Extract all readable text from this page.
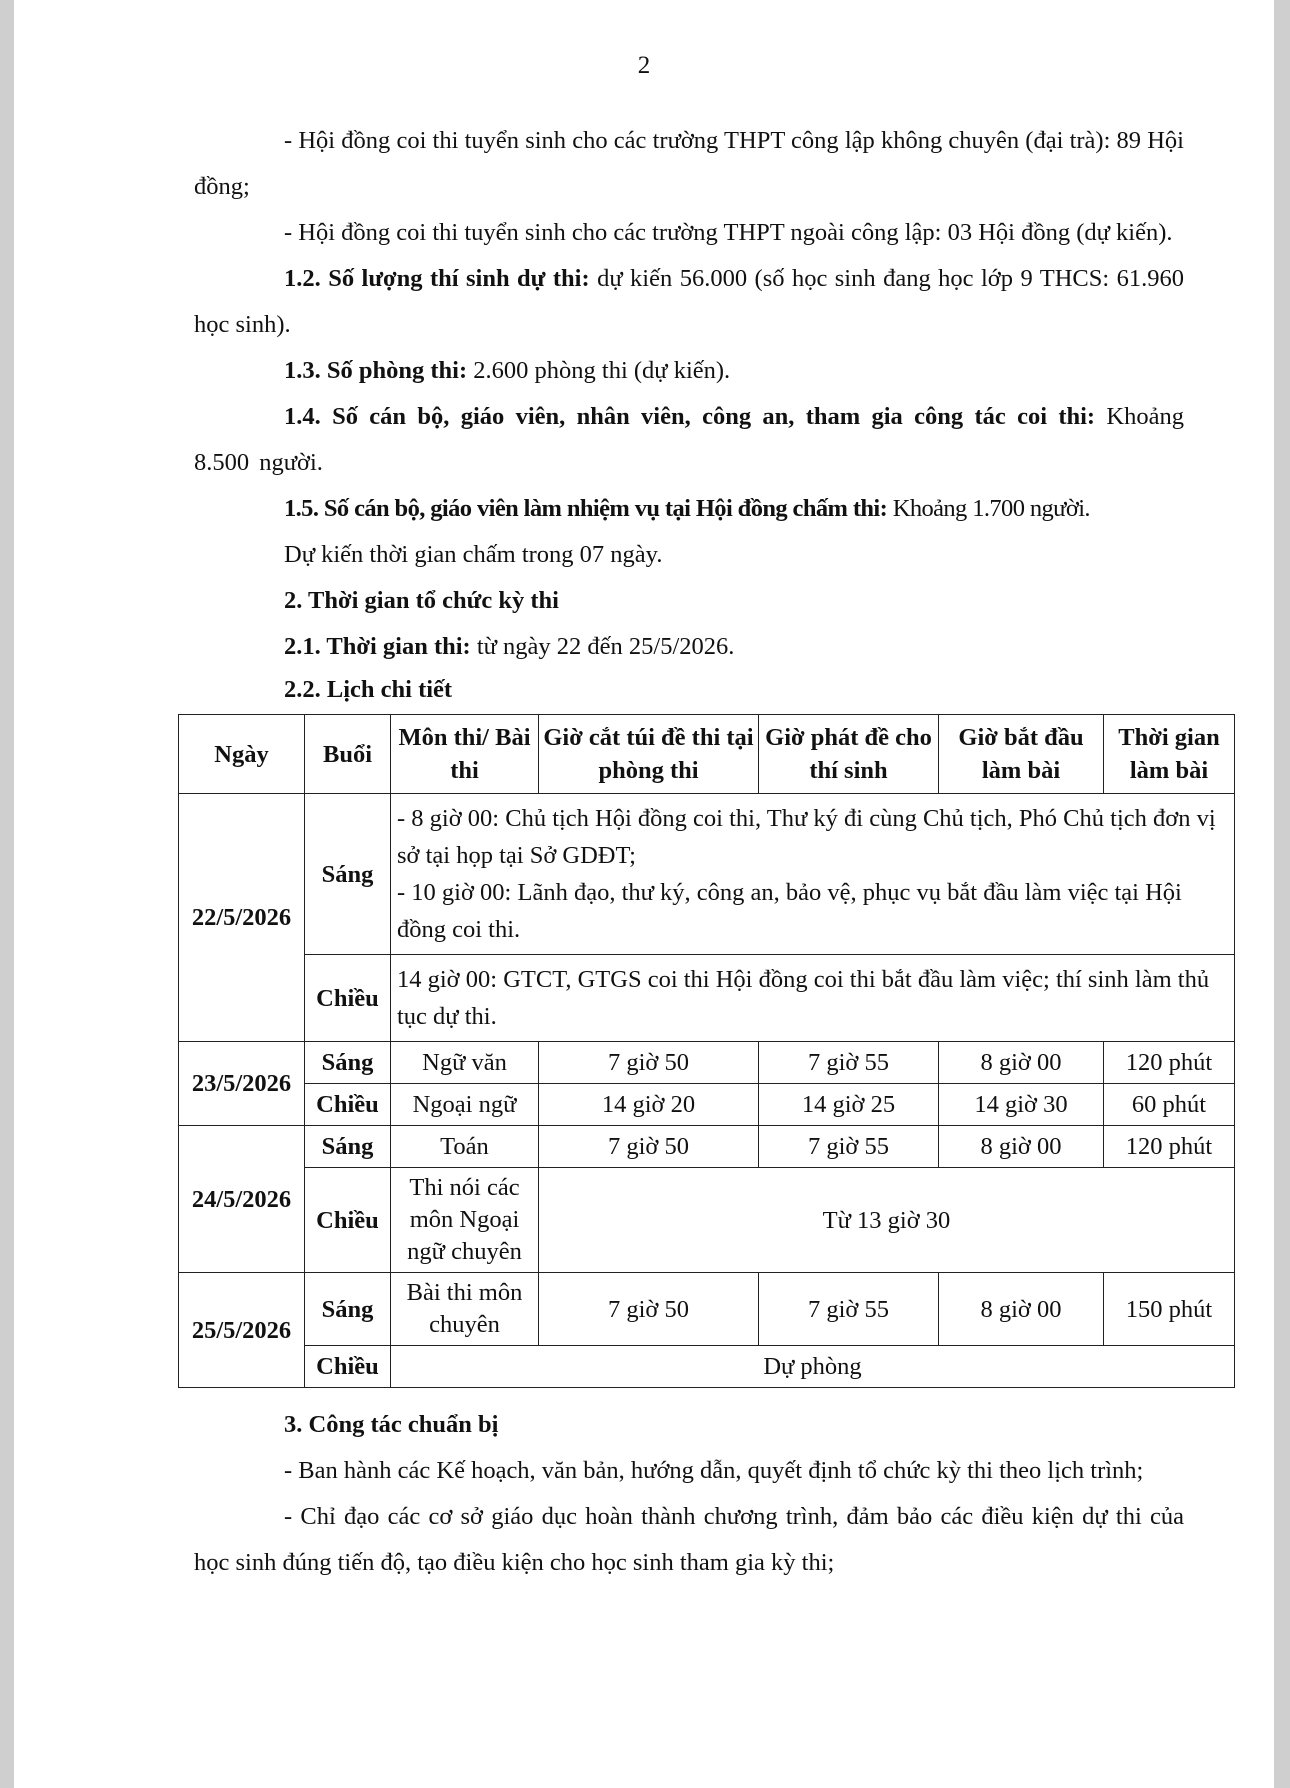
2

- Hội đồng coi thi tuyển sinh cho các trường THPT công lập không chuyên (đại trà): 89 Hội đồng;

- Hội đồng coi thi tuyển sinh cho các trường THPT ngoài công lập: 03 Hội đồng (dự kiến).

1.2. Số lượng thí sinh dự thi: dự kiến 56.000 (số học sinh đang học lớp 9 THCS: 61.960 học sinh).

1.3. Số phòng thi: 2.600 phòng thi (dự kiến).

1.4. Số cán bộ, giáo viên, nhân viên, công an, tham gia công tác coi thi: Khoảng 8.500 người.

1.5. Số cán bộ, giáo viên làm nhiệm vụ tại Hội đồng chấm thi: Khoảng 1.700 người.

Dự kiến thời gian chấm trong 07 ngày.

2. Thời gian tổ chức kỳ thi

2.1. Thời gian thi: từ ngày 22 đến 25/5/2026.

2.2. Lịch chi tiết

Ngày	Buổi	Môn thi/ Bài thi	Giờ cắt túi đề thi tại phòng thi	Giờ phát đề cho thí sinh	Giờ bắt đầu làm bài	Thời gian làm bài
22/5/2026	Sáng	- 8 giờ 00: Chủ tịch Hội đồng coi thi, Thư ký đi cùng Chủ tịch, Phó Chủ tịch đơn vị sở tại họp tại Sở GDĐT;
- 10 giờ 00: Lãnh đạo, thư ký, công an, bảo vệ, phục vụ bắt đầu làm việc tại Hội đồng coi thi.				

	Chiều	14 giờ 00: GTCT, GTGS coi thi Hội đồng coi thi bắt đầu làm việc; thí sinh làm thủ tục dự thi.				
23/5/2026	Sáng	Ngữ văn	7 giờ 50	7 giờ 55	8 giờ 00	120 phút
	Chiều	Ngoại ngữ	14 giờ 20	14 giờ 25	14 giờ 30	60 phút
24/5/2026	Sáng	Toán	7 giờ 50	7 giờ 55	8 giờ 00	120 phút
	Chiều	Thi nói các môn Ngoại ngữ chuyên	Từ 13 giờ 30			
25/5/2026	Sáng	Bài thi môn chuyên	7 giờ 50	7 giờ 55	8 giờ 00	150 phút
	Chiều	Dự phòng				

3. Công tác chuẩn bị

- Ban hành các Kế hoạch, văn bản, hướng dẫn, quyết định tổ chức kỳ thi theo lịch trình;

- Chỉ đạo các cơ sở giáo dục hoàn thành chương trình, đảm bảo các điều kiện dự thi của học sinh đúng tiến độ, tạo điều kiện cho học sinh tham gia kỳ thi;
